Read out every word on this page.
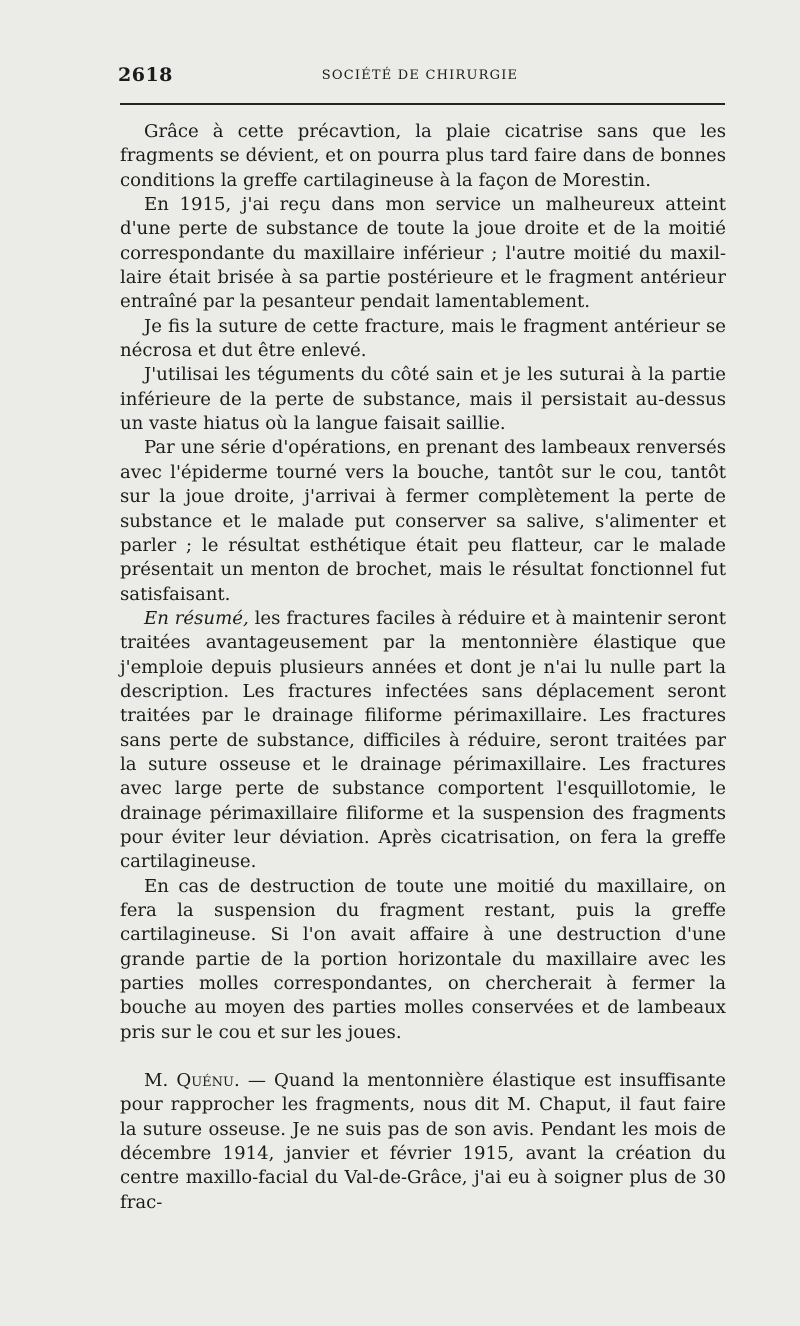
2618	SOCIÉTÉ DE CHIRURGIE

Grâce à cette précavtion, la plaie cicatrise sans que les fragments se dévient, et on pourra plus tard faire dans de bonnes conditions la greffe cartilagineuse à la façon de Morestin.

En 1915, j'ai reçu dans mon service un malheureux atteint d'une perte de substance de toute la joue droite et de la moitié correspondante du maxillaire inférieur ; l'autre moitié du maxillaire était brisée à sa partie postérieure et le fragment antérieur entraîné par la pesanteur pendait lamentablement.

Je fis la suture de cette fracture, mais le fragment antérieur se nécrosa et dut être enlevé.

J'utilisai les téguments du côté sain et je les suturai à la partie inférieure de la perte de substance, mais il persistait au-dessus un vaste hiatus où la langue faisait saillie.

Par une série d'opérations, en prenant des lambeaux renversés avec l'épiderme tourné vers la bouche, tantôt sur le cou, tantôt sur la joue droite, j'arrivai à fermer complètement la perte de substance et le malade put conserver sa salive, s'alimenter et parler ; le résultat esthétique était peu flatteur, car le malade présentait un menton de brochet, mais le résultat fonctionnel fut satisfaisant.

En résumé, les fractures faciles à réduire et à maintenir seront traitées avantageusement par la mentonnière élastique que j'emploie depuis plusieurs années et dont je n'ai lu nulle part la description. Les fractures infectées sans déplacement seront traitées par le drainage filiforme périmaxillaire. Les fractures sans perte de substance, difficiles à réduire, seront traitées par la suture osseuse et le drainage périmaxillaire. Les fractures avec large perte de substance comportent l'esquillotomie, le drainage périmaxillaire filiforme et la suspension des fragments pour éviter leur déviation. Après cicatrisation, on fera la greffe cartilagineuse.

En cas de destruction de toute une moitié du maxillaire, on fera la suspension du fragment restant, puis la greffe cartilagineuse. Si l'on avait affaire à une destruction d'une grande partie de la portion horizontale du maxillaire avec les parties molles correspondantes, on chercherait à fermer la bouche au moyen des parties molles conservées et de lambeaux pris sur le cou et sur les joues.

M. Quénu. — Quand la mentonnière élastique est insuffisante pour rapprocher les fragments, nous dit M. Chaput, il faut faire la suture osseuse. Je ne suis pas de son avis. Pendant les mois de décembre 1914, janvier et février 1915, avant la création du centre maxillo-facial du Val-de-Grâce, j'ai eu à soigner plus de 30 frac-
